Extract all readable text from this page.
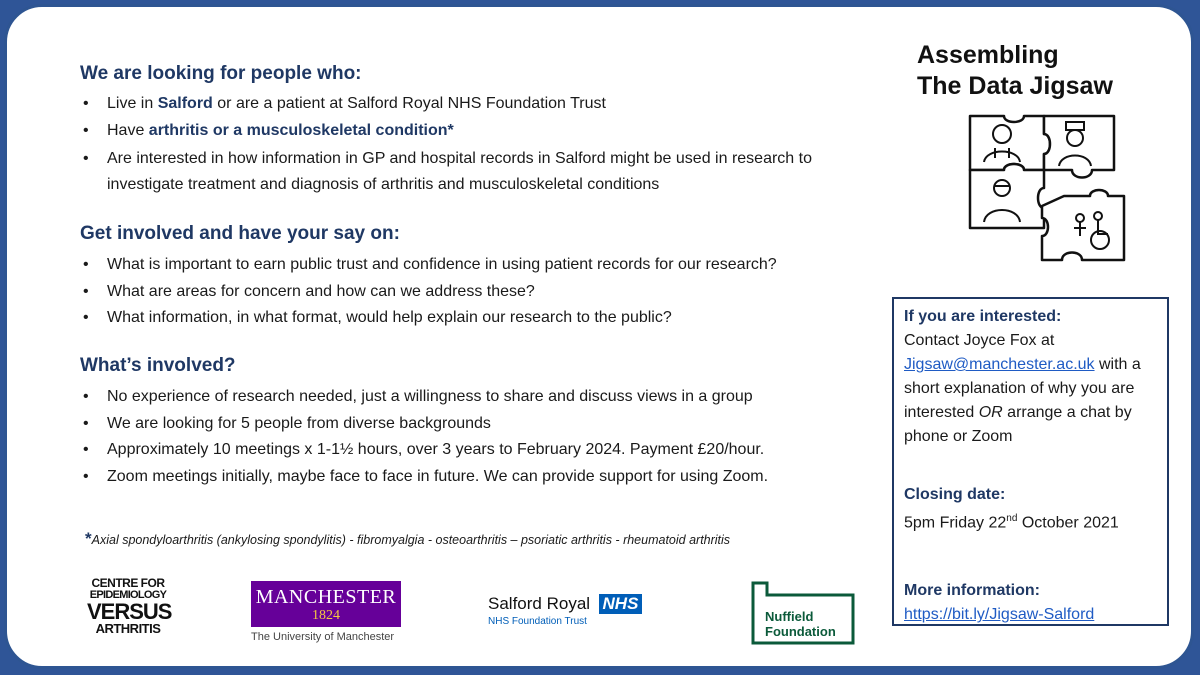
We are looking for people who:

• Live in Salford or are a patient at Salford Royal NHS Foundation Trust
• Have arthritis or a musculoskeletal condition*
• Are interested in how information in GP and hospital records in Salford might be used in research to investigate treatment and diagnosis of arthritis and musculoskeletal conditions

Get involved and have your say on:

• What is important to earn public trust and confidence in using patient records for our research?
• What are areas for concern and how can we address these?
• What information, in what format, would help explain our research to the public?

What’s involved?

• No experience of research needed, just a willingness to share and discuss views in a group
• We are looking for 5 people from diverse backgrounds
• Approximately 10 meetings x 1-1½ hours, over 3 years to February 2024. Payment £20/hour.
• Zoom meetings initially, maybe face to face in future. We can provide support for using Zoom.
*Axial spondyloarthritis (ankylosing spondylitis) - fibromyalgia - osteoarthritis – psoriatic arthritis - rheumatoid arthritis
Assembling
The Data Jigsaw
If you are interested:
Contact Joyce Fox at
Jigsaw@manchester.ac.uk with a short explanation of why you are interested OR arrange a chat by phone or Zoom
Closing date:
5pm Friday 22nd October 2021
More information:
https://bit.ly/Jigsaw-Salford
CENTRE FOR
EPIDEMIOLOGY
VERSUS
ARTHRITIS
MANCHESTER
1824
The University of Manchester
Salford Royal NHS
NHS Foundation Trust	Nuffield
Foundation
